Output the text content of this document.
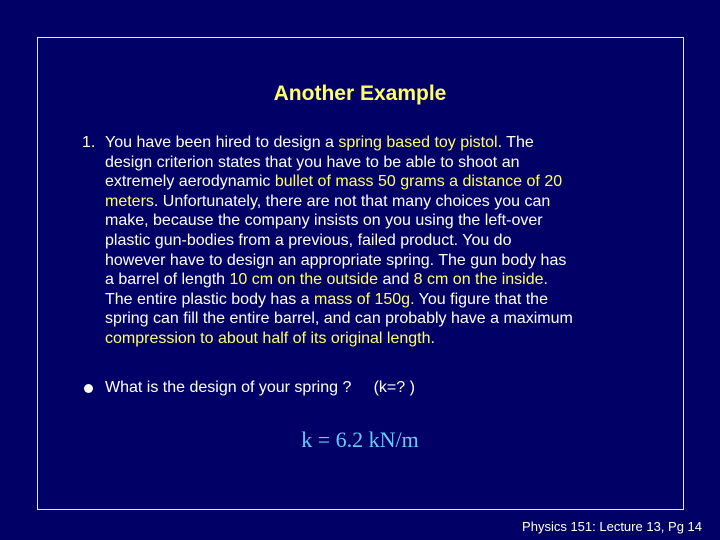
Another Example
1. You have been hired to design a spring based toy pistol. The
design criterion states that you have to be able to shoot an
extremely aerodynamic bullet of mass 50 grams a distance of 20
meters. Unfortunately, there are not that many choices you can
make, because the company insists on you using the left-over
plastic gun-bodies from a previous, failed product. You do
however have to design an appropriate spring. The gun body has
a barrel of length 10 cm on the outside and 8 cm on the inside.
The entire plastic body has a mass of 150g. You figure that the
spring can fill the entire barrel, and can probably have a maximum
compression to about half of its original length.
What is the design of your spring ?     (k=? )
k = 6.2 kN/m
Physics 151: Lecture 13, Pg 14
